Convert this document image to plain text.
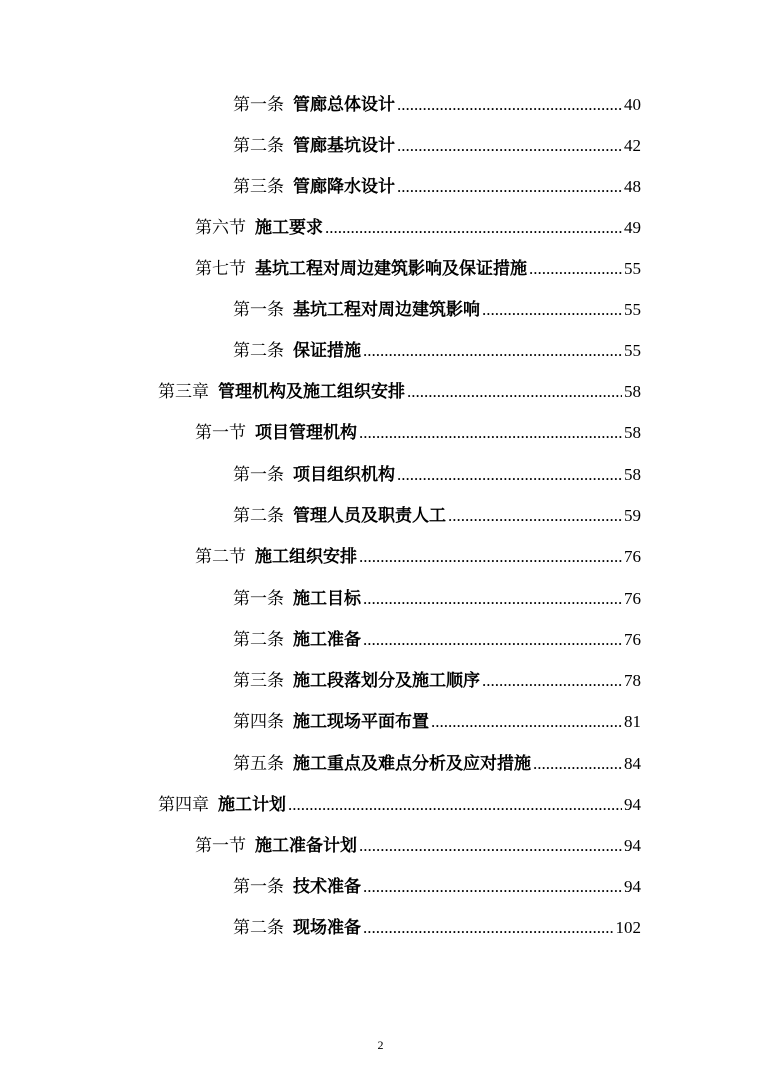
第一条 管廊总体设计 .....	40
第二条 管廊基坑设计 .....	42
第三条 管廊降水设计 .....	48
第六节 施工要求 .....	49
第七节 基坑工程对周边建筑影响及保证措施 .....	55
第一条 基坑工程对周边建筑影响 .....	55
第二条 保证措施 .....	55
第三章 管理机构及施工组织安排 .....	58
第一节 项目管理机构 .....	58
第一条 项目组织机构 .....	58
第二条 管理人员及职责人工 .....	59
第二节 施工组织安排 .....	76
第一条 施工目标 .....	76
第二条 施工准备 .....	76
第三条 施工段落划分及施工顺序 .....	78
第四条 施工现场平面布置 .....	81
第五条 施工重点及难点分析及应对措施 .....	84
第四章 施工计划 .....	94
第一节 施工准备计划 .....	94
第一条 技术准备 .....	94
第二条 现场准备 .....	102
2
